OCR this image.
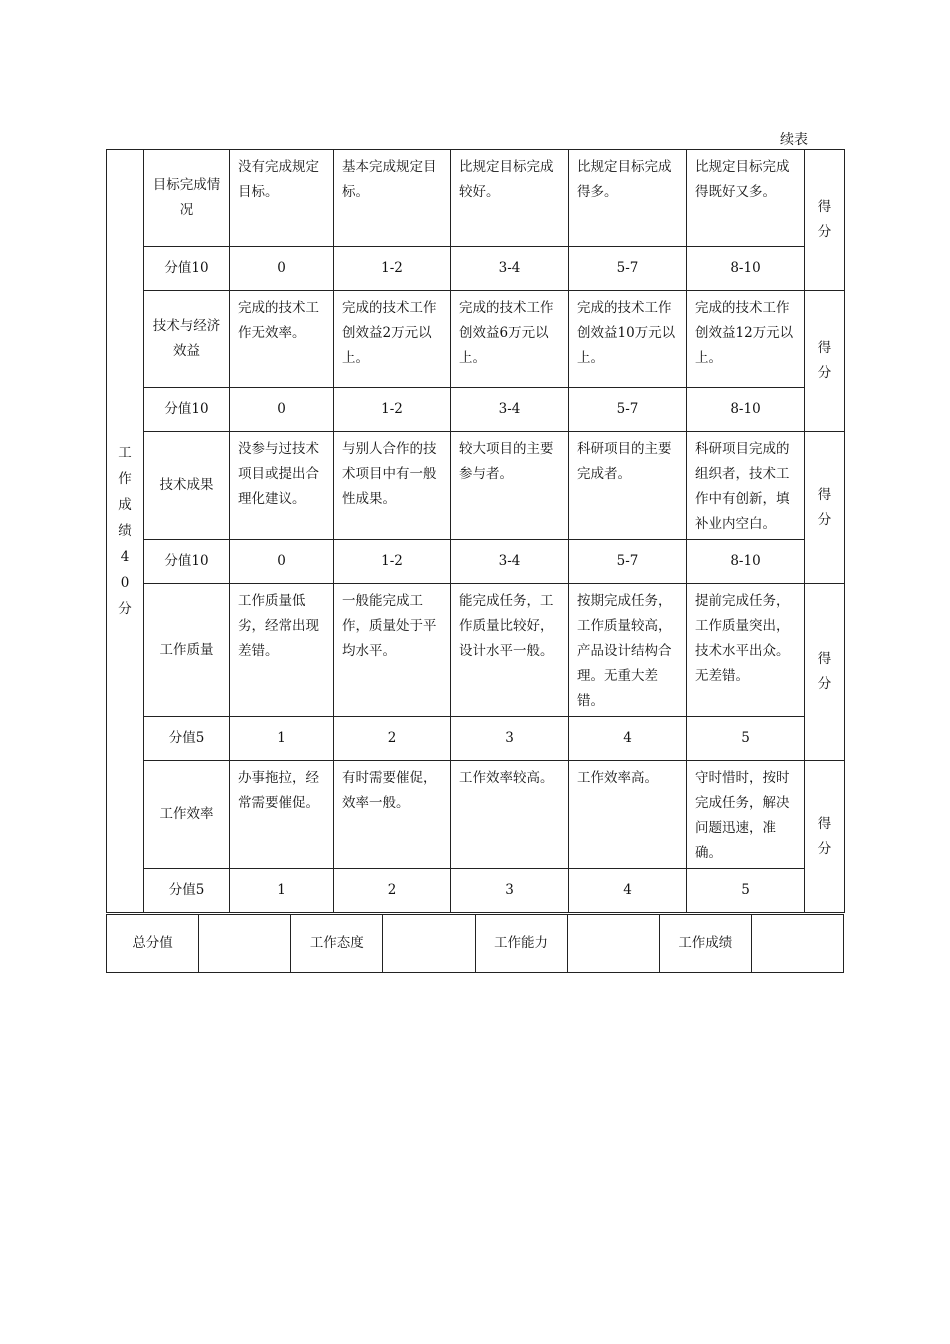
续表
工作成绩40分	目标完成情况	没有完成规定目标。	基本完成规定目标。	比规定目标完成较好。	比规定目标完成得多。	比规定目标完成得既好又多。	得分
	分值10	0	1-2	3-4	5-7	8-10	
	技术与经济效益	完成的技术工作无效率。	完成的技术工作创效益2万元以上。	完成的技术工作创效益6万元以上。	完成的技术工作创效益10万元以上。	完成的技术工作创效益12万元以上。	得分
	分值10	0	1-2	3-4	5-7	8-10	
	技术成果	没参与过技术项目或提出合理化建议。	与别人合作的技术项目中有一般性成果。	较大项目的主要参与者。	科研项目的主要完成者。	科研项目完成的组织者，技术工作中有创新，填补业内空白。	得分
	分值10	0	1-2	3-4	5-7	8-10	
	工作质量	工作质量低劣，经常出现差错。	一般能完成工作，质量处于平均水平。	能完成任务，工作质量比较好，设计水平一般。	按期完成任务，工作质量较高，产品设计结构合理。无重大差错。	提前完成任务，工作质量突出，技术水平出众。无差错。	得分
	分值5	1	2	3	4	5	
	工作效率	办事拖拉，经常需要催促。	有时需要催促，效率一般。	工作效率较高。	工作效率高。	守时惜时，按时完成任务，解决问题迅速，准确。	得分
	分值5	1	2	3	4	5	
总分值		工作态度		工作能力		工作成绩	
